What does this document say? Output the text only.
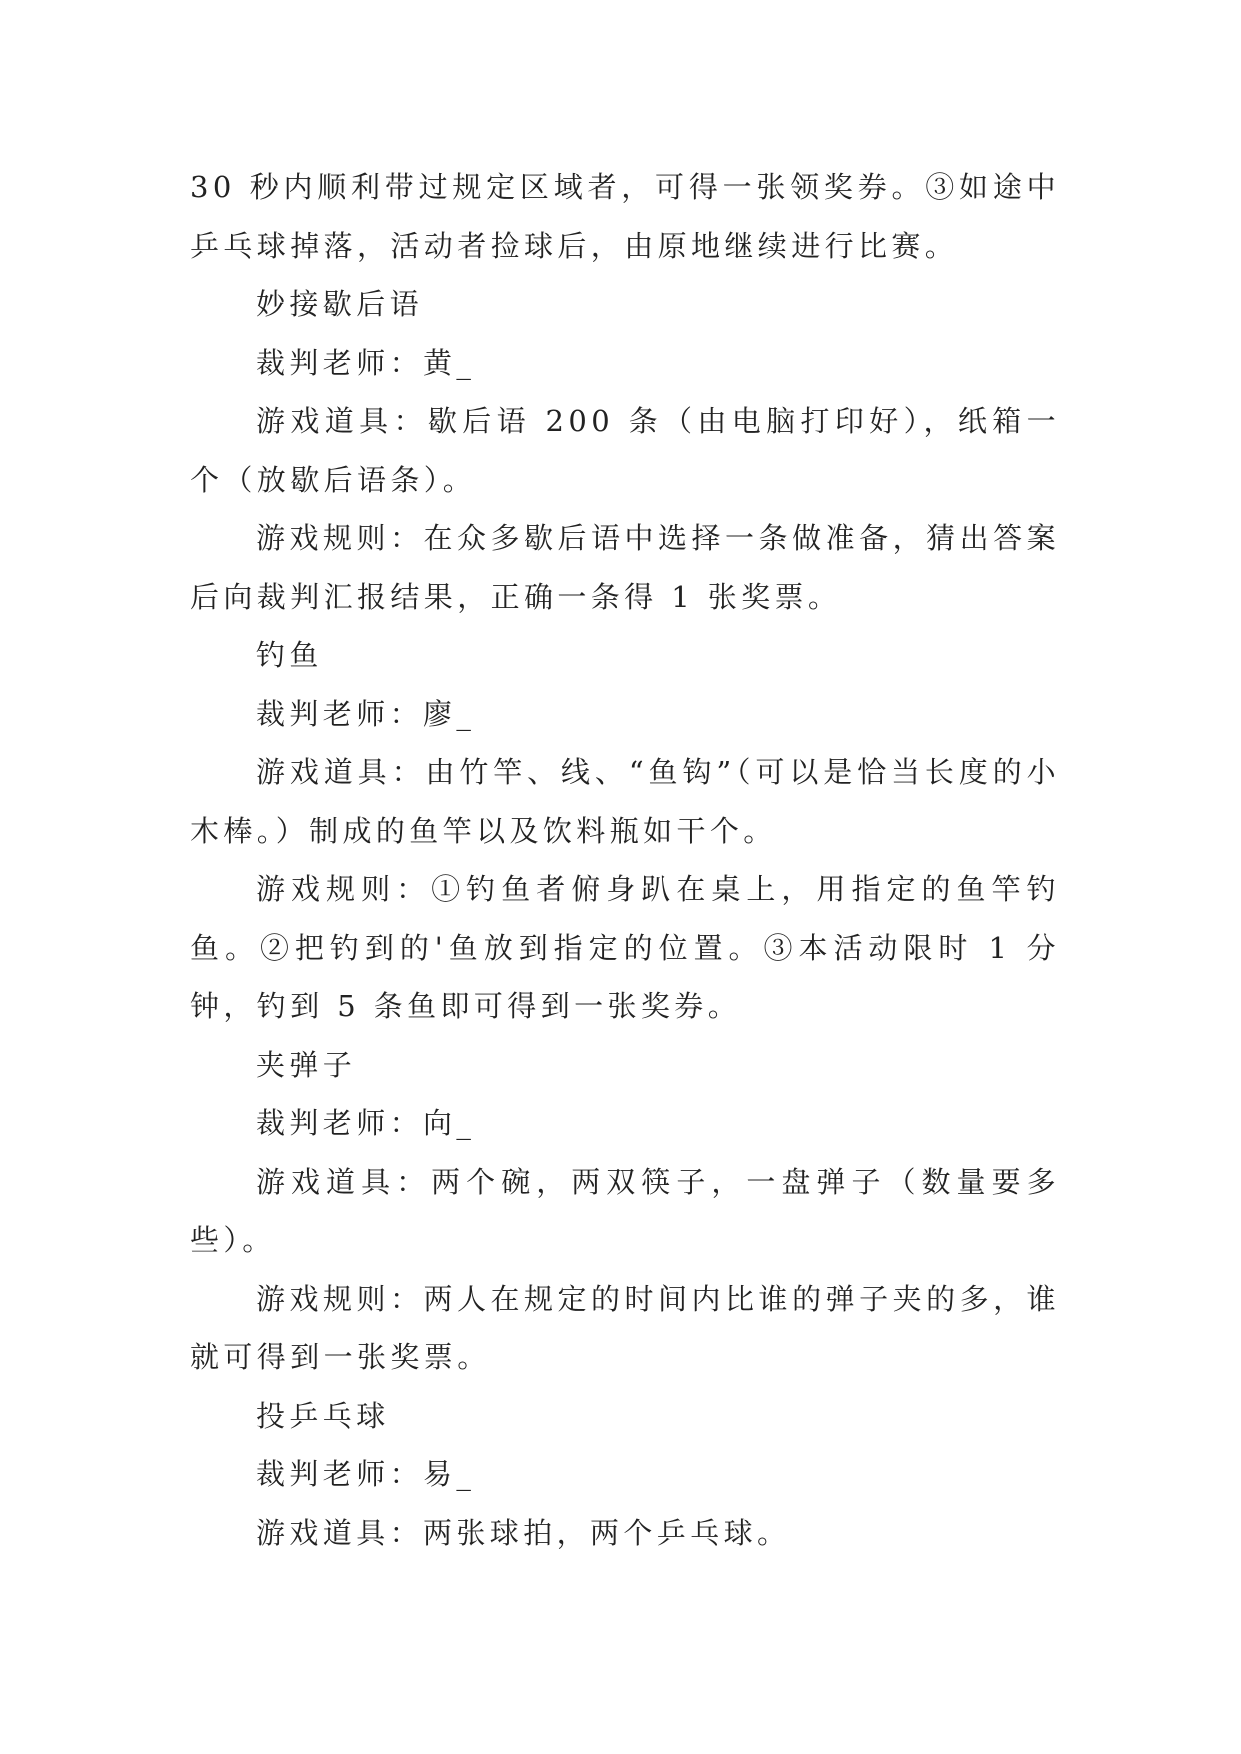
30 秒内顺利带过规定区域者，可得一张领奖券。③如途中乒乓球掉落，活动者捡球后，由原地继续进行比赛。

妙接歇后语

裁判老师：黄_

游戏道具：歇后语 200 条（由电脑打印好），纸箱一个（放歇后语条）。

游戏规则：在众多歇后语中选择一条做准备，猜出答案后向裁判汇报结果，正确一条得 1 张奖票。

钓鱼

裁判老师：廖_

游戏道具：由竹竿、线、“鱼钩”（可以是恰当长度的小木棒。）制成的鱼竿以及饮料瓶如干个。

游戏规则：①钓鱼者俯身趴在桌上，用指定的鱼竿钓鱼。②把钓到的'鱼放到指定的位置。③本活动限时 1 分钟，钓到 5 条鱼即可得到一张奖券。

夹弹子

裁判老师：向_

游戏道具：两个碗，两双筷子，一盘弹子（数量要多些）。

游戏规则：两人在规定的时间内比谁的弹子夹的多，谁就可得到一张奖票。

投乒乓球

裁判老师：易_

游戏道具：两张球拍，两个乒乓球。
